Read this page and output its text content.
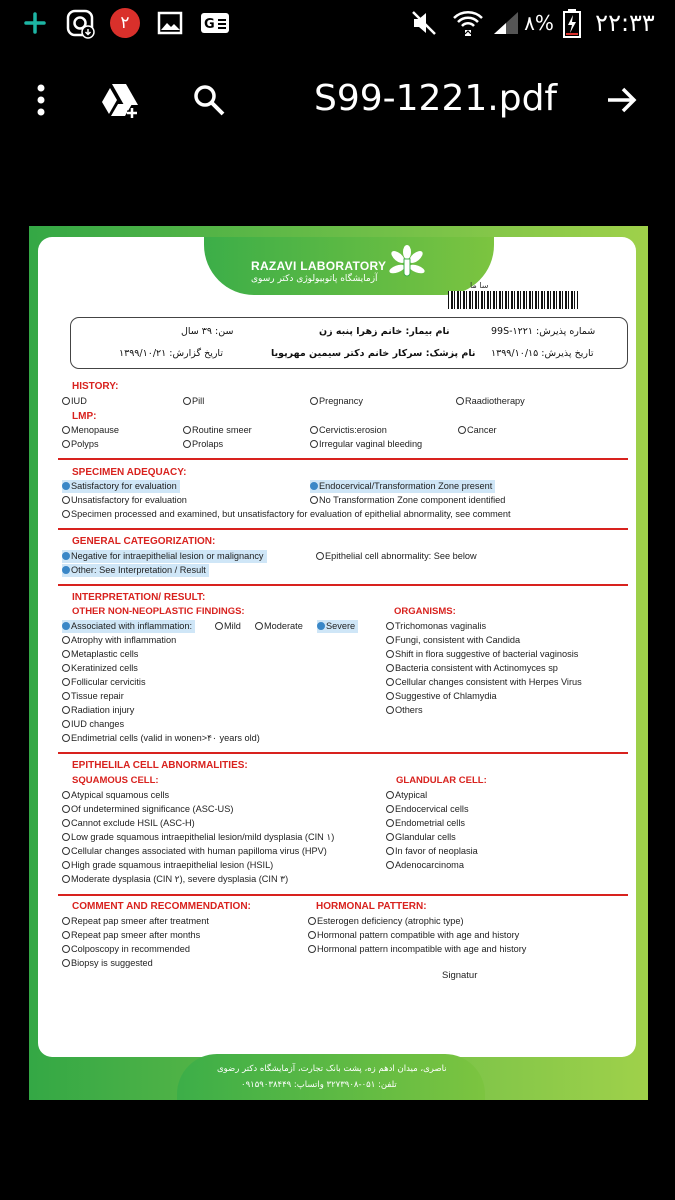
۲	G	۸% ۲۲:۳۳
S99-1221.pdf
RAZAVI LABORATORY
آزمایشگاه پاتوبیولوژی دکتر رسوی
سا ما
سن: ۳۹ سال	نام بیمار: خانم زهرا پنبه زن	شماره پذیرش: 99S-۱۲۲۱
تاریخ گزارش: ۱۳۹۹/۱۰/۲۱	نام پزشک: سرکار خانم دکتر سیمین مهرپویا تاریخ پذیرش: ۱۳۹۹/۱۰/۱۵
HISTORY:
IUD	Pill	Pregnancy	Raadiotherapy
LMP:
Menopause	Routine smeer	Cervictis:erosion	Cancer
Polyps	Prolaps	Irregular vaginal bleeding
SPECIMEN ADEQUACY:
Satisfactory for evaluation	Endocervical/Transformation Zone present
Unsatisfactory for evaluation	No Transformation Zone component identified
Specimen processed and examined, but unsatisfactory for evaluation of epithelial abnormality, see comment
GENERAL CATEGORIZATION:
Negative for intraepithelial lesion or malignancy	Epithelial cell abnormality: See below
Other: See Interpretation / Result
INTERPRETATION/ RESULT:
OTHER NON-NEOPLASTIC FINDINGS:
Associated with inflammation:	Mild	Moderate	Severe
Atrophy with inflammation
Metaplastic cells
Keratinized cells
Follicular cervicitis
Tissue repair
Radiation injury
IUD changes
Endimetrial cells (valid in wonen>۴۰ years old)
ORGANISMS:
Trichomonas vaginalis
Fungi, consistent with Candida
Shift in flora suggestive of bacterial vaginosis
Bacteria consistent with Actinomyces sp
Cellular changes consistent with Herpes Virus
Suggestive of Chlamydia
Others
EPITHELILA CELL ABNORMALITIES:
SQUAMOUS CELL:
Atypical squamous cells
Of undetermined significance (ASC-US)
Cannot exclude HSIL (ASC-H)
Low grade squamous intraepithelial lesion/mild dysplasia (CIN ۱)
Cellular changes associated with human papilloma virus (HPV)
High grade squamous intraepithelial lesion (HSIL)
Moderate dysplasia (CIN ۲), severe dysplasia (CIN ۳)
GLANDULAR CELL:
Atypical
Endocervical cells
Endometrial cells
Glandular cells
In favor of neoplasia
Adenocarcinoma
COMMENT AND RECOMMENDATION:
Repeat pap smeer after treatment
Repeat pap smeer after months
Colposcopy in recommended
Biopsy is suggested
HORMONAL PATTERN:
Esterogen deficiency (atrophic type)
Hormonal pattern compatible with age and history
Hormonal pattern incompatible with age and history
Signatur
ناصری، میدان ادهم زه، پشت بانک تجارت، آزمایشگاه دکتر رضوی
تلفن: ۰۵۱-۳۲۷۳۹۰۸ واتساپ: ۰۹۱۵۹۰۳۸۴۴۹
